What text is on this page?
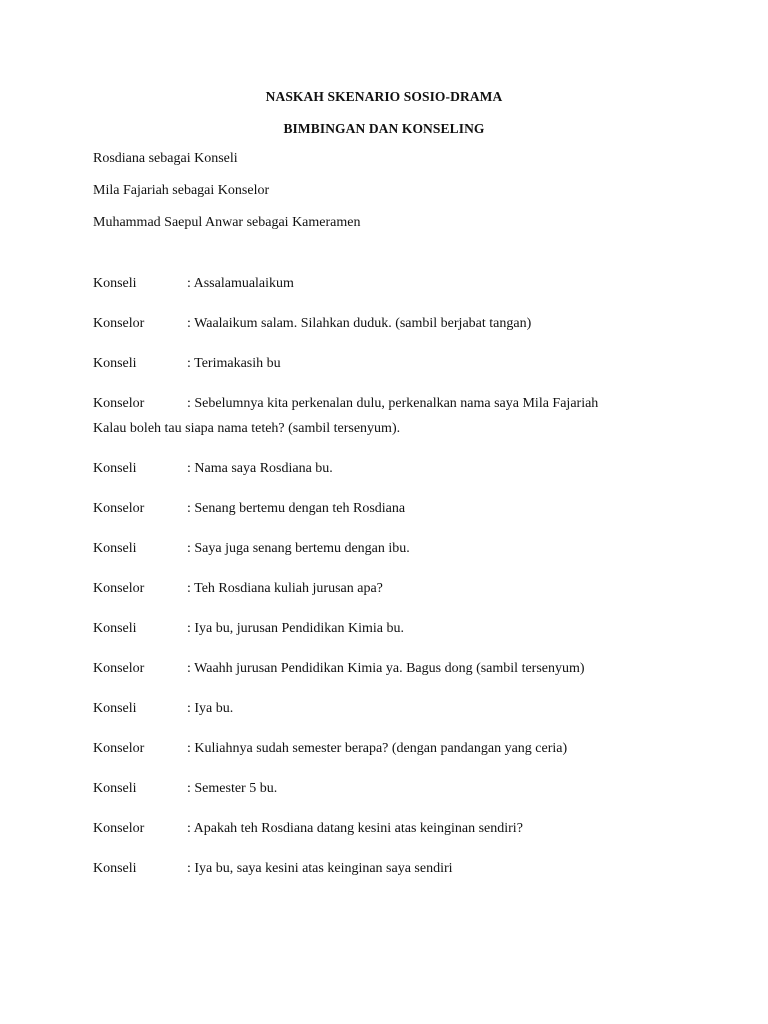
NASKAH SKENARIO SOSIO-DRAMA
BIMBINGAN DAN KONSELING
Rosdiana sebagai Konseli
Mila Fajariah sebagai Konselor
Muhammad Saepul Anwar sebagai Kameramen
Konseli	: Assalamualaikum
Konselor	: Waalaikum salam. Silahkan duduk. (sambil berjabat tangan)
Konseli	: Terimakasih bu
Konselor	: Sebelumnya kita perkenalan dulu, perkenalkan nama saya Mila Fajariah
Kalau boleh tau siapa nama teteh? (sambil tersenyum).
Konseli	: Nama saya Rosdiana bu.
Konselor	: Senang bertemu dengan teh Rosdiana
Konseli	: Saya juga senang bertemu dengan ibu.
Konselor	: Teh Rosdiana kuliah jurusan apa?
Konseli	: Iya bu, jurusan Pendidikan Kimia bu.
Konselor	: Waahh jurusan Pendidikan Kimia ya. Bagus dong (sambil tersenyum)
Konseli	: Iya bu.
Konselor	: Kuliahnya sudah semester berapa? (dengan pandangan yang ceria)
Konseli	: Semester 5 bu.
Konselor	: Apakah teh Rosdiana datang kesini atas keinginan sendiri?
Konseli	: Iya bu, saya kesini atas keinginan saya sendiri
